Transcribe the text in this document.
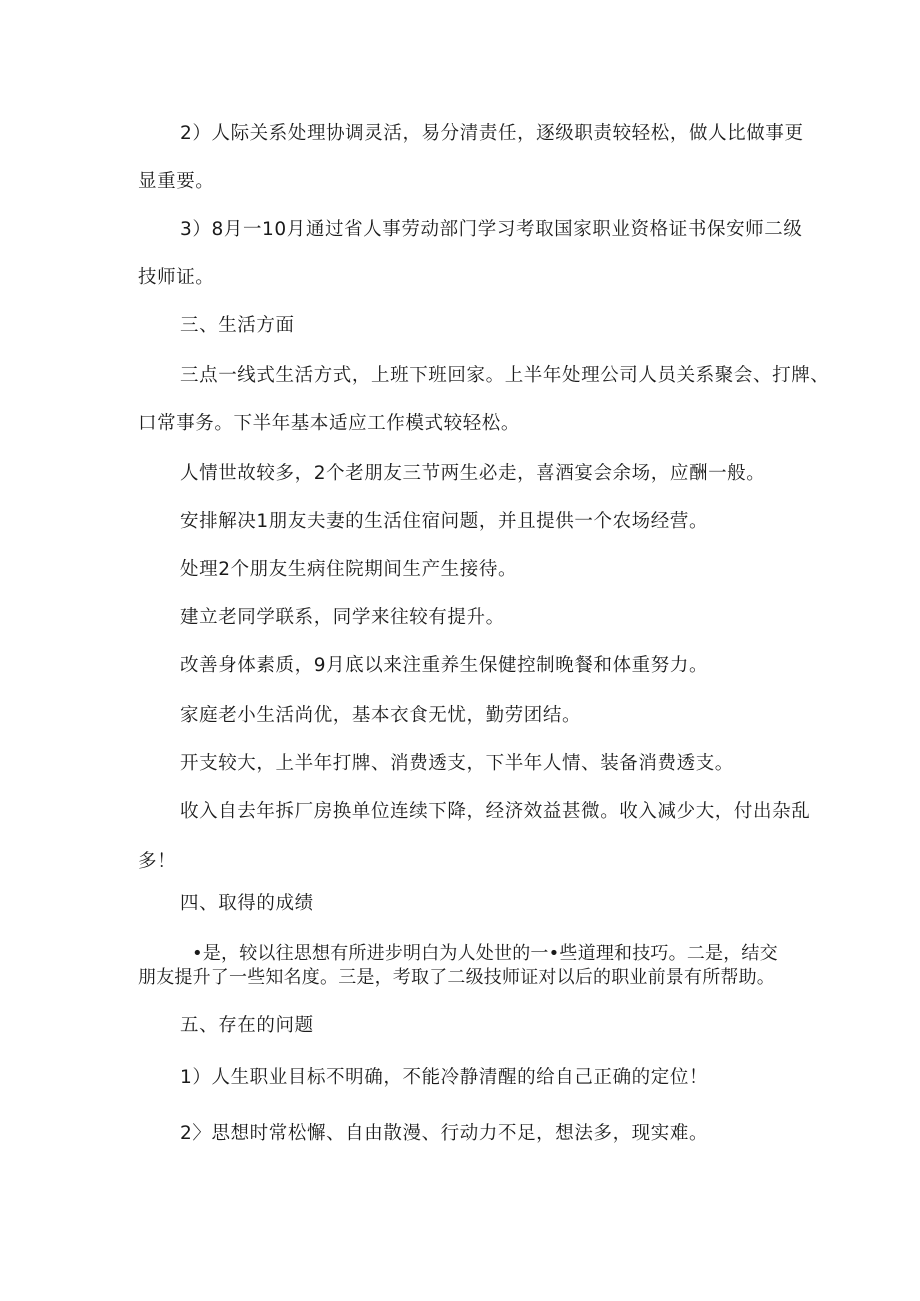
2）人际关系处理协调灵活，易分清责任，逐级职责较轻松，做人比做事更
显重要。
3）8月一10月通过省人事劳动部门学习考取国家职业资格证书保安师二级
技师证。
三、生活方面
三点一线式生活方式，上班下班回家。上半年处理公司人员关系聚会、打牌、
口常事务。下半年基本适应工作模式较轻松。
人情世故较多，2个老朋友三节两生必走，喜酒宴会余场，应酬一般。
安排解决1朋友夫妻的生活住宿问题，并且提供一个农场经营。
处理2个朋友生病住院期间生产生接待。
建立老同学联系，同学来往较有提升。
改善身体素质，9月底以来注重养生保健控制晚餐和体重努力。
家庭老小生活尚优，基本衣食无忧，勤劳团结。
开支较大，上半年打牌、消费透支，下半年人情、装备消费透支。
收入自去年拆厂房换单位连续下降，经济效益甚微。收入减少大，付出杂乱
多！
四、取得的成绩
•是，较以往思想有所进步明白为人处世的一•些道理和技巧。二是，结交
朋友提升了一些知名度。三是，考取了二级技师证对以后的职业前景有所帮助。
五、存在的问题
1）人生职业目标不明确，不能冷静清醒的给自己正确的定位！
2〉思想时常松懈、自由散漫、行动力不足，想法多，现实难。
